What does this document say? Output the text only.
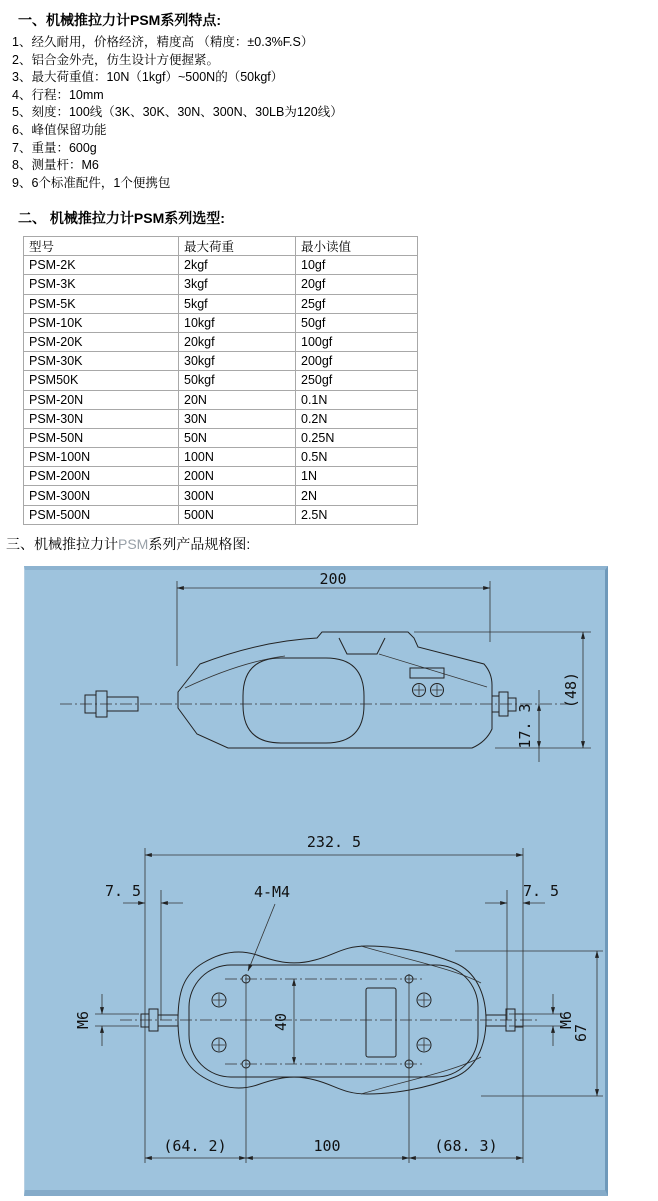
一、机械推拉力计PSM系列特点:
1、经久耐用，价格经济，精度高 （精度：±0.3%F.S）
2、铝合金外壳，仿生设计方便握紧。
3、最大荷重值：10N（1kgf）~500N的（50kgf）
4、行程：10mm
5、刻度：100线（3K、30K、30N、300N、30LB为120线）
6、峰值保留功能
7、重量：600g
8、测量杆：M6
9、6个标准配件，1个便携包
二、 机械推拉力计PSM系列选型:
型号	最大荷重	最小读值
PSM-2K	2kgf	10gf
PSM-3K	3kgf	20gf
PSM-5K	5kgf	25gf
PSM-10K	10kgf	50gf
PSM-20K	20kgf	100gf
PSM-30K	30kgf	200gf
PSM50K	50kgf	250gf
PSM-20N	20N	0.1N
PSM-30N	30N	0.2N
PSM-50N	50N	0.25N
PSM-100N	100N	0.5N
PSM-200N	200N	1N
PSM-300N	300N	2N
PSM-500N	500N	2.5N
三、机械推拉力计PSM系列产品规格图:
200
(48)
17. 3
232. 5
7. 5	7. 5
4-M4
40
M6	M6
67
(64. 2)	100	(68. 3)
